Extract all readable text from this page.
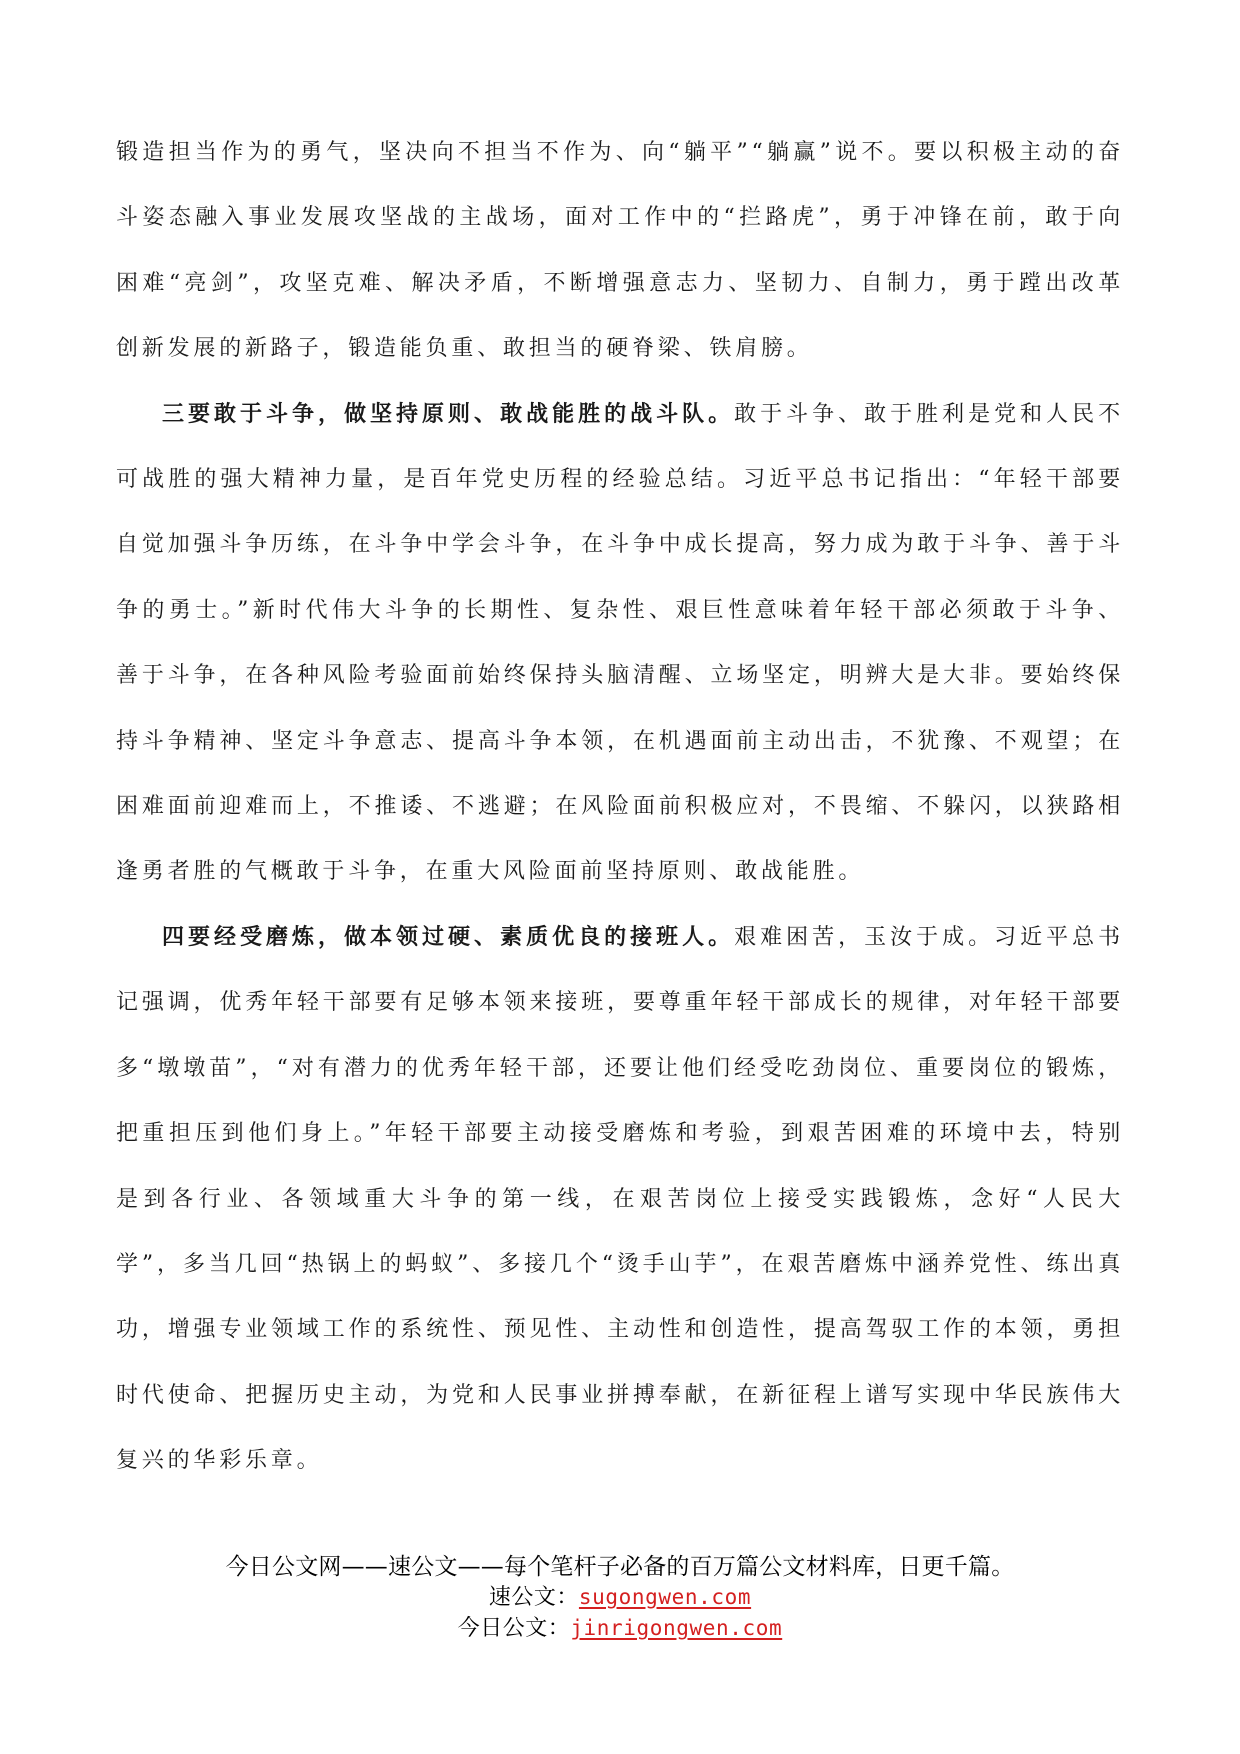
锻造担当作为的勇气，坚决向不担当不作为、向“躺平”“躺赢”说不。要以积极主动的奋斗姿态融入事业发展攻坚战的主战场，面对工作中的“拦路虎”，勇于冲锋在前，敢于向困难“亮剑”，攻坚克难、解决矛盾，不断增强意志力、坚韧力、自制力，勇于蹚出改革创新发展的新路子，锻造能负重、敢担当的硬脊梁、铁肩膀。

三要敢于斗争，做坚持原则、敢战能胜的战斗队。敢于斗争、敢于胜利是党和人民不可战胜的强大精神力量，是百年党史历程的经验总结。习近平总书记指出：“年轻干部要自觉加强斗争历练，在斗争中学会斗争，在斗争中成长提高，努力成为敢于斗争、善于斗争的勇士。”新时代伟大斗争的长期性、复杂性、艰巨性意味着年轻干部必须敢于斗争、善于斗争，在各种风险考验面前始终保持头脑清醒、立场坚定，明辨大是大非。要始终保持斗争精神、坚定斗争意志、提高斗争本领，在机遇面前主动出击，不犹豫、不观望；在困难面前迎难而上，不推诿、不逃避；在风险面前积极应对，不畏缩、不躲闪，以狭路相逢勇者胜的气概敢于斗争，在重大风险面前坚持原则、敢战能胜。

四要经受磨炼，做本领过硬、素质优良的接班人。艰难困苦，玉汝于成。习近平总书记强调，优秀年轻干部要有足够本领来接班，要尊重年轻干部成长的规律，对年轻干部要多“墩墩苗”，“对有潜力的优秀年轻干部，还要让他们经受吃劲岗位、重要岗位的锻炼，把重担压到他们身上。”年轻干部要主动接受磨炼和考验，到艰苦困难的环境中去，特别是到各行业、各领域重大斗争的第一线，在艰苦岗位上接受实践锻炼，念好“人民大学”，多当几回“热锅上的蚂蚁”、多接几个“烫手山芋”，在艰苦磨炼中涵养党性、练出真功，增强专业领域工作的系统性、预见性、主动性和创造性，提高驾驭工作的本领，勇担时代使命、把握历史主动，为党和人民事业拼搏奉献，在新征程上谱写实现中华民族伟大复兴的华彩乐章。

今日公文网——速公文——每个笔杆子必备的百万篇公文材料库，日更千篇。
速公文：sugongwen.com
今日公文：jinrigongwen.com
